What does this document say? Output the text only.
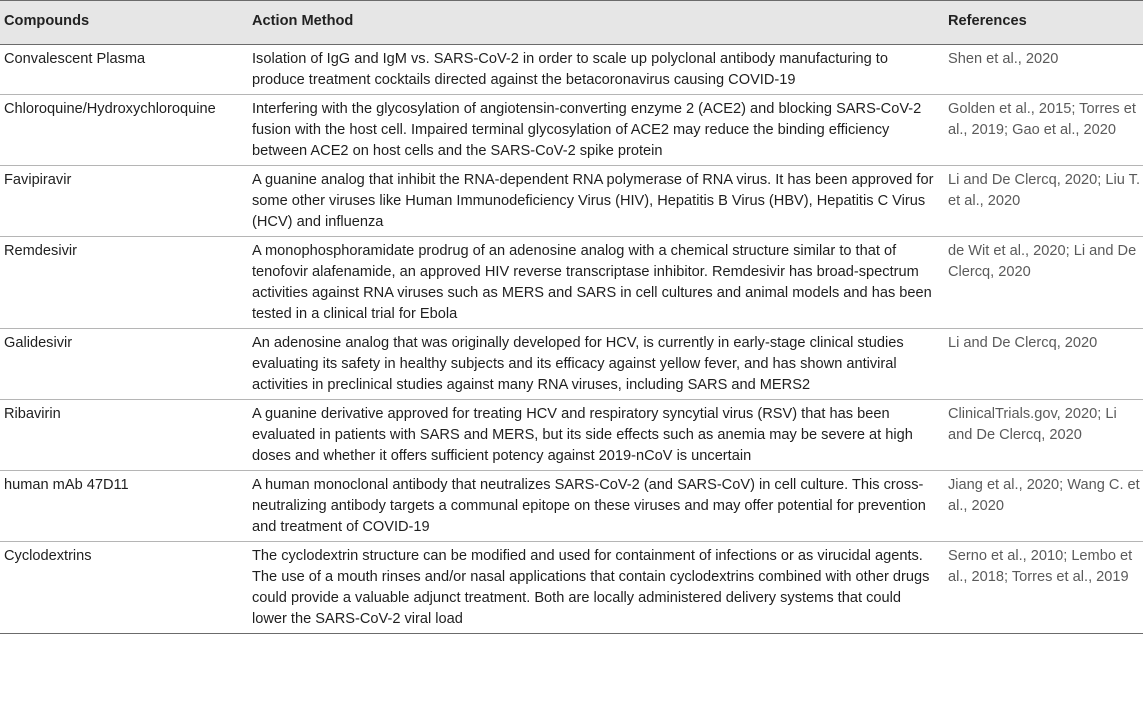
Compounds	Action Method	References
Convalescent Plasma	Isolation of IgG and IgM vs. SARS-CoV-2 in order to scale up polyclonal antibody manufacturing to produce treatment cocktails directed against the betacoronavirus causing COVID-19	Shen et al., 2020
Chloroquine/Hydroxychloroquine	Interfering with the glycosylation of angiotensin-converting enzyme 2 (ACE2) and blocking SARS-CoV-2 fusion with the host cell. Impaired terminal glycosylation of ACE2 may reduce the binding efficiency between ACE2 on host cells and the SARS-CoV-2 spike protein	Golden et al., 2015; Torres et al., 2019; Gao et al., 2020
Favipiravir	A guanine analog that inhibit the RNA-dependent RNA polymerase of RNA virus. It has been approved for some other viruses like Human Immunodeficiency Virus (HIV), Hepatitis B Virus (HBV), Hepatitis C Virus (HCV) and influenza	Li and De Clercq, 2020; Liu T. et al., 2020
Remdesivir	A monophosphoramidate prodrug of an adenosine analog with a chemical structure similar to that of tenofovir alafenamide, an approved HIV reverse transcriptase inhibitor. Remdesivir has broad-spectrum activities against RNA viruses such as MERS and SARS in cell cultures and animal models and has been tested in a clinical trial for Ebola	de Wit et al., 2020; Li and De Clercq, 2020
Galidesivir	An adenosine analog that was originally developed for HCV, is currently in early-stage clinical studies evaluating its safety in healthy subjects and its efficacy against yellow fever, and has shown antiviral activities in preclinical studies against many RNA viruses, including SARS and MERS2	Li and De Clercq, 2020
Ribavirin	A guanine derivative approved for treating HCV and respiratory syncytial virus (RSV) that has been evaluated in patients with SARS and MERS, but its side effects such as anemia may be severe at high doses and whether it offers sufficient potency against 2019-nCoV is uncertain	ClinicalTrials.gov, 2020; Li and De Clercq, 2020
human mAb 47D11	A human monoclonal antibody that neutralizes SARS-CoV-2 (and SARS-CoV) in cell culture. This cross-neutralizing antibody targets a communal epitope on these viruses and may offer potential for prevention and treatment of COVID-19	Jiang et al., 2020; Wang C. et al., 2020
Cyclodextrins	The cyclodextrin structure can be modified and used for containment of infections or as virucidal agents. The use of a mouth rinses and/or nasal applications that contain cyclodextrins combined with other drugs could provide a valuable adjunct treatment. Both are locally administered delivery systems that could lower the SARS-CoV-2 viral load	Serno et al., 2010; Lembo et al., 2018; Torres et al., 2019
